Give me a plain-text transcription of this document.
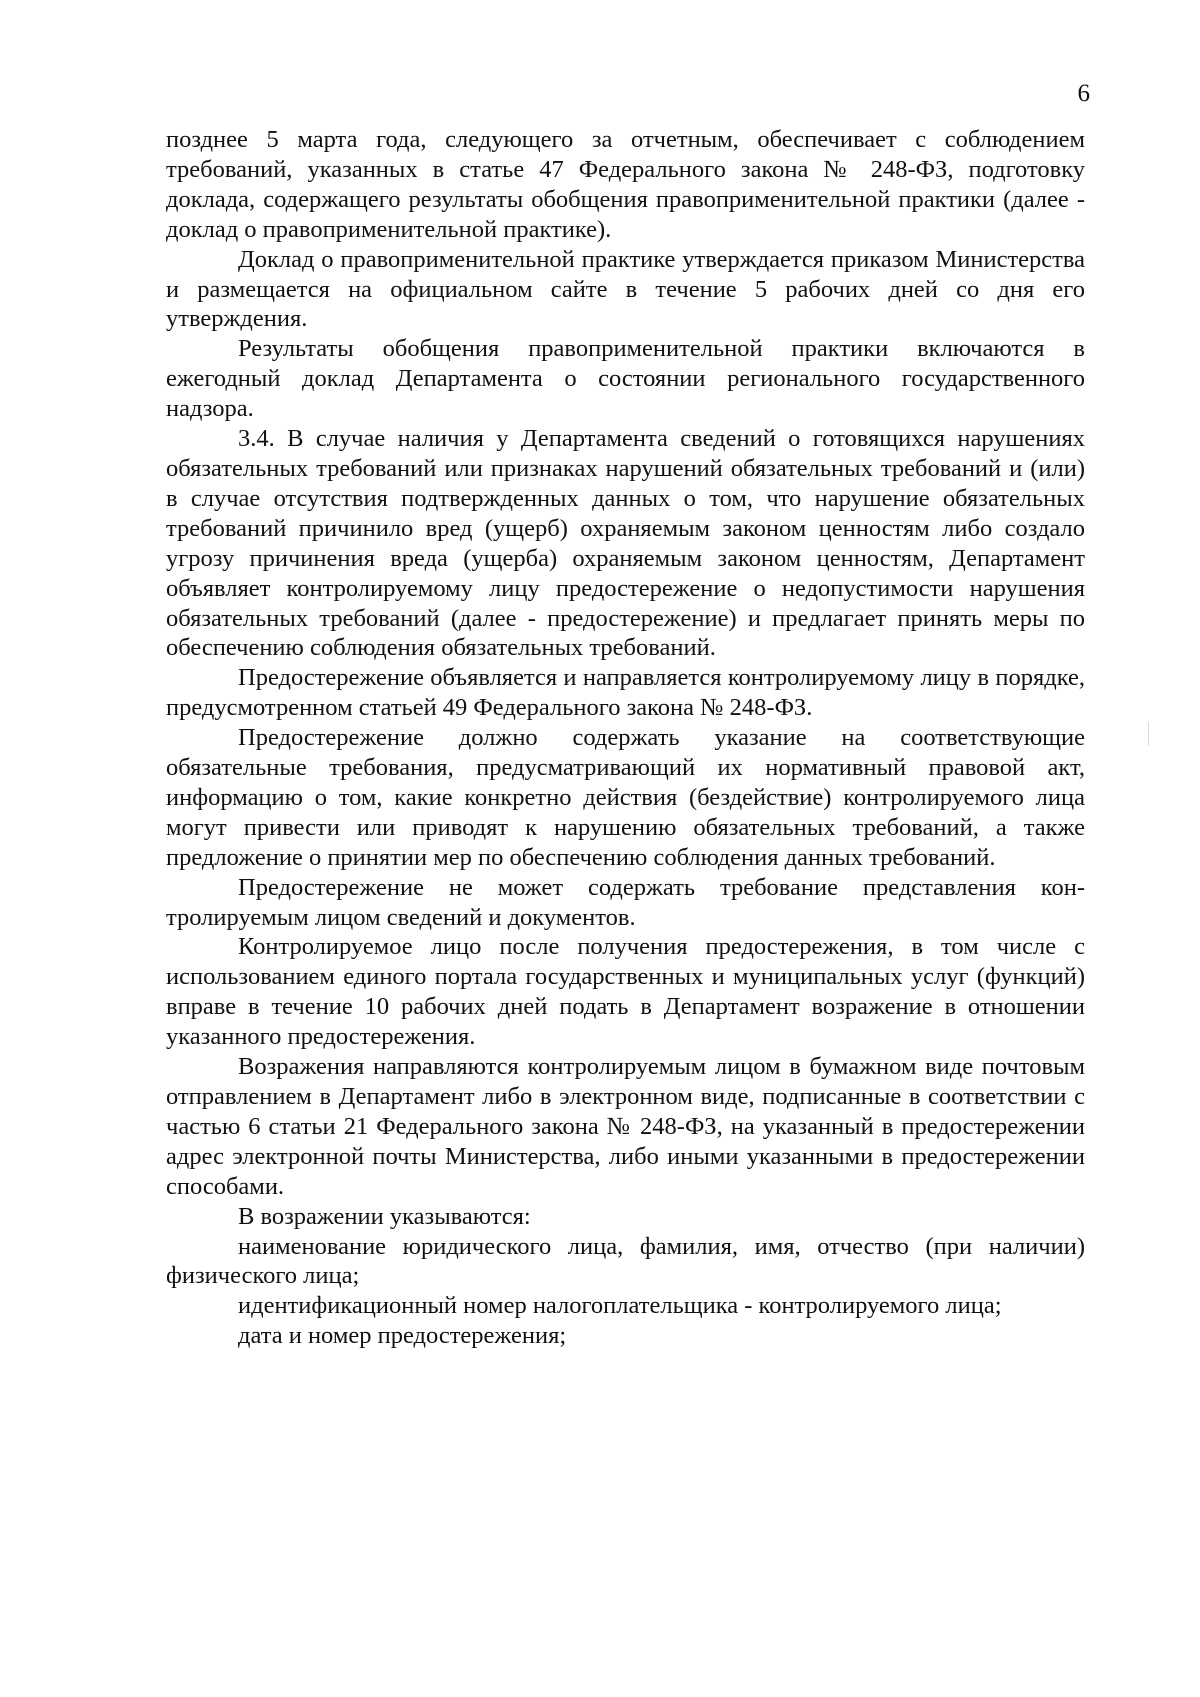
6

позднее 5 марта года, следующего за отчетным, обеспечивает с соблюдением требований, указанных в статье 47 Федерального закона № 248-ФЗ, подготовку доклада, содержащего результаты обобщения правоприменительной практики (далее - доклад о правоприменительной практике).

Доклад о правоприменительной практике утверждается приказом Министерства и размещается на официальном сайте в течение 5 рабочих дней со дня его утверждения.

Результаты обобщения правоприменительной практики включаются в ежегодный доклад Департамента о состоянии регионального государственного надзора.

3.4. В случае наличия у Департамента сведений о готовящихся нарушениях обязательных требований или признаках нарушений обязательных требований и (или) в случае отсутствия подтвержденных данных о том, что нарушение обязательных требований причинило вред (ущерб) охраняемым законом ценностям либо создало угрозу причинения вреда (ущерба) охраняемым законом ценностям, Департамент объявляет контролируемому лицу предостережение о недопустимости нарушения обязательных требований (далее - предостережение) и предлагает принять меры по обеспечению соблюдения обязательных требований.

Предостережение объявляется и направляется контролируемому лицу в порядке, предусмотренном статьей 49 Федерального закона № 248-ФЗ.

Предостережение должно содержать указание на соответствующие обязательные требования, предусматривающий их нормативный правовой акт, информацию о том, какие конкретно действия (бездействие) контролируемого лица могут привести или приводят к нарушению обязательных требований, а также предложение о принятии мер по обеспечению соблюдения данных требований.

Предостережение не может содержать требование представления контролируемым лицом сведений и документов.

Контролируемое лицо после получения предостережения, в том числе с использованием единого портала государственных и муниципальных услуг (функций) вправе в течение 10 рабочих дней подать в Департамент возражение в отношении указанного предостережения.

Возражения направляются контролируемым лицом в бумажном виде почтовым отправлением в Департамент либо в электронном виде, подписанные в соответствии с частью 6 статьи 21 Федерального закона № 248-ФЗ, на указанный в предостережении адрес электронной почты Министерства, либо иными указанными в предостережении способами.

В возражении указываются:

наименование юридического лица, фамилия, имя, отчество (при наличии) физического лица;

идентификационный номер налогоплательщика - контролируемого лица;

дата и номер предостережения;
